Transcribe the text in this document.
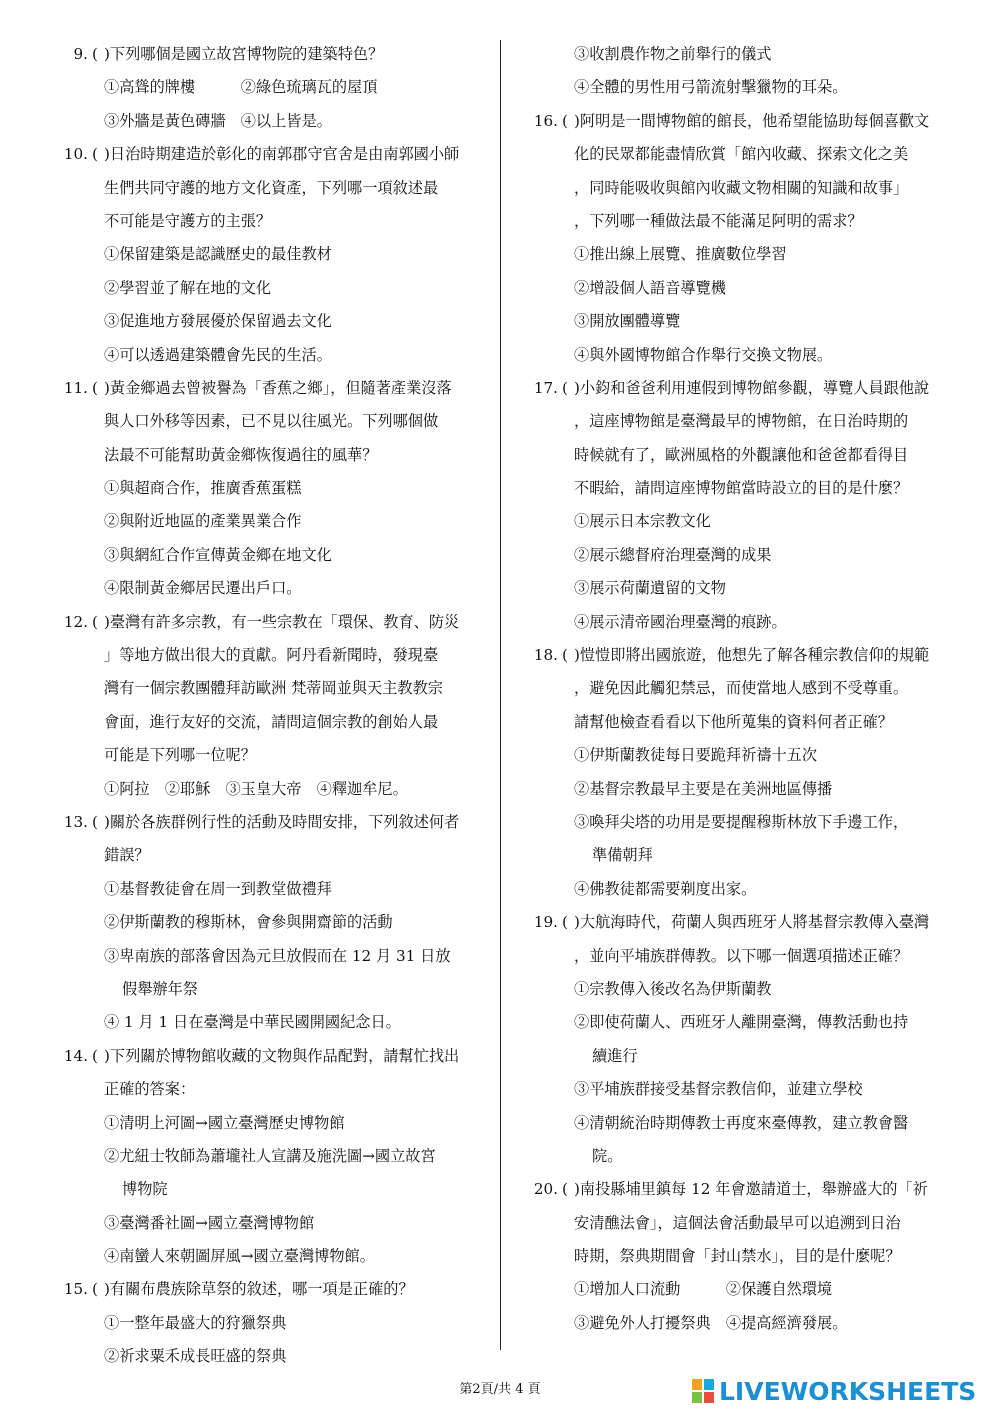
9. ( )下列哪個是國立故宮博物院的建築特色？
①高聳的牌樓　　　②綠色琉璃瓦的屋頂
③外牆是黃色磚牆　④以上皆是。
10. ( )日治時期建造於彰化的南郭郡守官舍是由南郭國小師
生們共同守護的地方文化資產，下列哪一項敘述最
不可能是守護方的主張？
①保留建築是認識歷史的最佳教材
②學習並了解在地的文化
③促進地方發展優於保留過去文化
④可以透過建築體會先民的生活。
11. ( )黃金鄉過去曾被譽為「香蕉之鄉」，但隨著產業沒落
與人口外移等因素，已不見以往風光。下列哪個做
法最不可能幫助黃金鄉恢復過往的風華？
①與超商合作，推廣香蕉蛋糕
②與附近地區的產業異業合作
③與網紅合作宣傳黃金鄉在地文化
④限制黃金鄉居民遷出戶口。
12. ( )臺灣有許多宗教，有一些宗教在「環保、教育、防災
」等地方做出很大的貢獻。阿丹看新聞時，發現臺
灣有一個宗教團體拜訪歐洲 梵蒂岡並與天主教教宗
會面，進行友好的交流，請問這個宗教的創始人最
可能是下列哪一位呢？
①阿拉　②耶穌　③玉皇大帝　④釋迦牟尼。
13. ( )關於各族群例行性的活動及時間安排，下列敘述何者
錯誤？
①基督教徒會在周一到教堂做禮拜
②伊斯蘭教的穆斯林，會參與開齋節的活動
③卑南族的部落會因為元旦放假而在 12 月 31 日放
假舉辦年祭
④ 1 月 1 日在臺灣是中華民國開國紀念日。
14. ( )下列關於博物館收藏的文物與作品配對，請幫忙找出
正確的答案：
①清明上河圖→國立臺灣歷史博物館
②尤紐士牧師為蕭壠社人宣講及施洗圖→國立故宮
博物院
③臺灣番社圖→國立臺灣博物館
④南蠻人來朝圖屏風→國立臺灣博物館。
15. ( )有關布農族除草祭的敘述，哪一項是正確的？
①一整年最盛大的狩獵祭典
②祈求粟禾成長旺盛的祭典
③收割農作物之前舉行的儀式
④全體的男性用弓箭流射擊獵物的耳朵。
16. ( )阿明是一間博物館的館長，他希望能協助每個喜歡文
化的民眾都能盡情欣賞「館內收藏、探索文化之美
，同時能吸收與館內收藏文物相關的知識和故事」
，下列哪一種做法最不能滿足阿明的需求？
①推出線上展覽、推廣數位學習
②增設個人語音導覽機
③開放團體導覽
④與外國博物館合作舉行交換文物展。
17. ( )小鈞和爸爸利用連假到博物館參觀，導覽人員跟他說
，這座博物館是臺灣最早的博物館，在日治時期的
時候就有了，歐洲風格的外觀讓他和爸爸都看得目
不暇給，請問這座博物館當時設立的目的是什麼？
①展示日本宗教文化
②展示總督府治理臺灣的成果
③展示荷蘭遺留的文物
④展示清帝國治理臺灣的痕跡。
18. ( )愷愷即將出國旅遊，他想先了解各種宗教信仰的規範
，避免因此觸犯禁忌，而使當地人感到不受尊重。
請幫他檢查看看以下他所蒐集的資料何者正確？
①伊斯蘭教徒每日要跪拜祈禱十五次
②基督宗教最早主要是在美洲地區傳播
③喚拜尖塔的功用是要提醒穆斯林放下手邊工作，
準備朝拜
④佛教徒都需要剃度出家。
19. ( )大航海時代，荷蘭人與西班牙人將基督宗教傳入臺灣
，並向平埔族群傳教。以下哪一個選項描述正確？
①宗教傳入後改名為伊斯蘭教
②即使荷蘭人、西班牙人離開臺灣，傳教活動也持
續進行
③平埔族群接受基督宗教信仰，並建立學校
④清朝統治時期傳教士再度來臺傳教，建立教會醫
院。
20. ( )南投縣埔里鎮每 12 年會邀請道士，舉辦盛大的「祈
安清醮法會」，這個法會活動最早可以追溯到日治
時期，祭典期間會「封山禁水」，目的是什麼呢？
①增加人口流動　　　②保護自然環境
③避免外人打擾祭典　④提高經濟發展。
第2頁/共 4 頁	LIVEWORKSHEETS
